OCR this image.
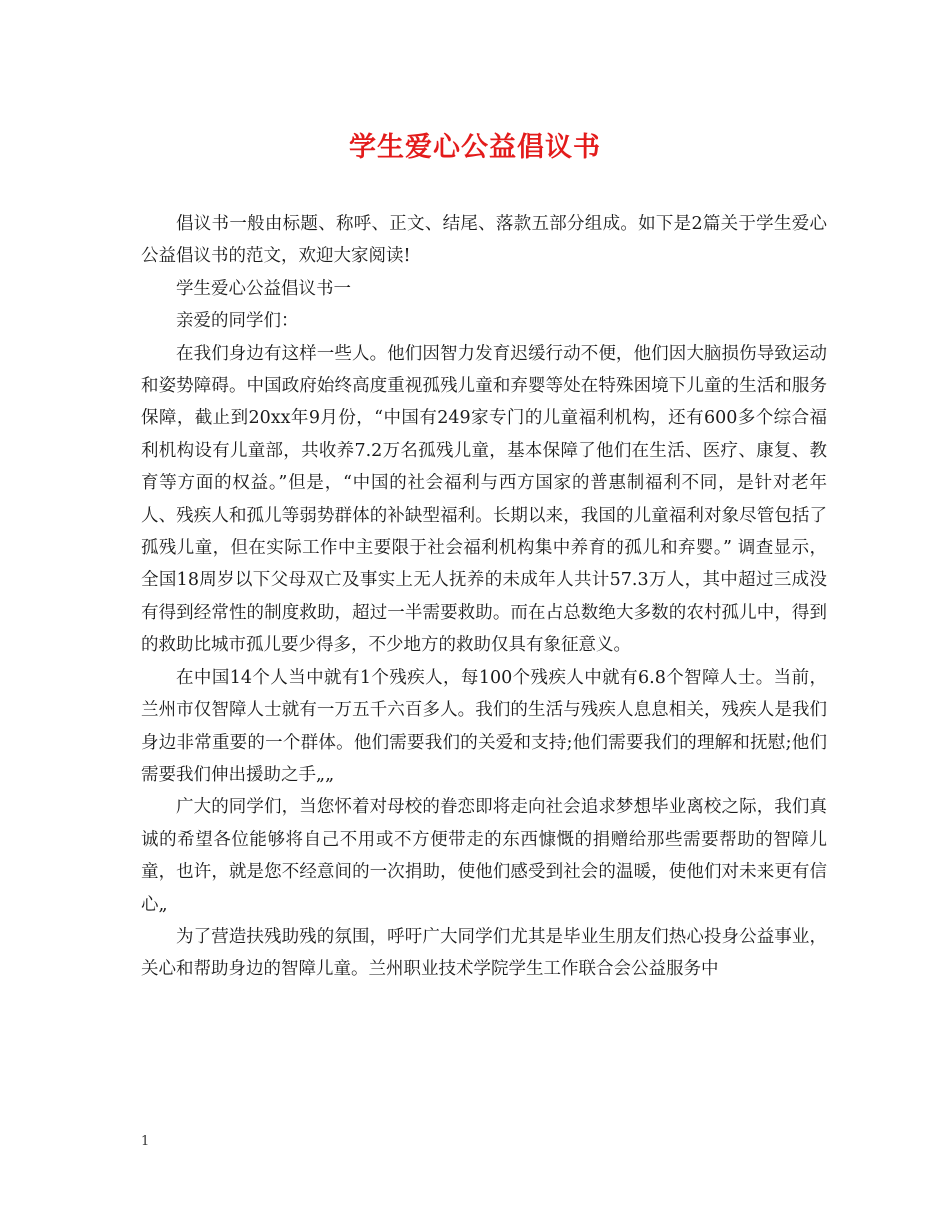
学生爱心公益倡议书

倡议书一般由标题、称呼、正文、结尾、落款五部分组成。如下是2篇关于学生爱心公益倡议书的范文，欢迎大家阅读!

学生爱心公益倡议书一

亲爱的同学们：

在我们身边有这样一些人。他们因智力发育迟缓行动不便，他们因大脑损伤导致运动和姿势障碍。中国政府始终高度重视孤残儿童和弃婴等处在特殊困境下儿童的生活和服务保障，截止到20xx年9月份，“中国有249家专门的儿童福利机构，还有600多个综合福利机构设有儿童部，共收养7.2万名孤残儿童，基本保障了他们在生活、医疗、康复、教育等方面的权益。”但是，“中国的社会福利与西方国家的普惠制福利不同，是针对老年人、残疾人和孤儿等弱势群体的补缺型福利。长期以来，我国的儿童福利对象尽管包括了孤残儿童，但在实际工作中主要限于社会福利机构集中养育的孤儿和弃婴。” 调查显示，全国18周岁以下父母双亡及事实上无人抚养的未成年人共计57.3万人，其中超过三成没有得到经常性的制度救助，超过一半需要救助。而在占总数绝大多数的农村孤儿中，得到的救助比城市孤儿要少得多，不少地方的救助仅具有象征意义。

在中国14个人当中就有1个残疾人，每100个残疾人中就有6.8个智障人士。当前，兰州市仅智障人士就有一万五千六百多人。我们的生活与残疾人息息相关，残疾人是我们身边非常重要的一个群体。他们需要我们的关爱和支持;他们需要我们的理解和抚慰;他们需要我们伸出援助之手„„

广大的同学们，当您怀着对母校的眷恋即将走向社会追求梦想毕业离校之际，我们真诚的希望各位能够将自己不用或不方便带走的东西慷慨的捐赠给那些需要帮助的智障儿童，也许，就是您不经意间的一次捐助，使他们感受到社会的温暖，使他们对未来更有信心„

为了营造扶残助残的氛围，呼吁广大同学们尤其是毕业生朋友们热心投身公益事业，关心和帮助身边的智障儿童。兰州职业技术学院学生工作联合会公益服务中

1
